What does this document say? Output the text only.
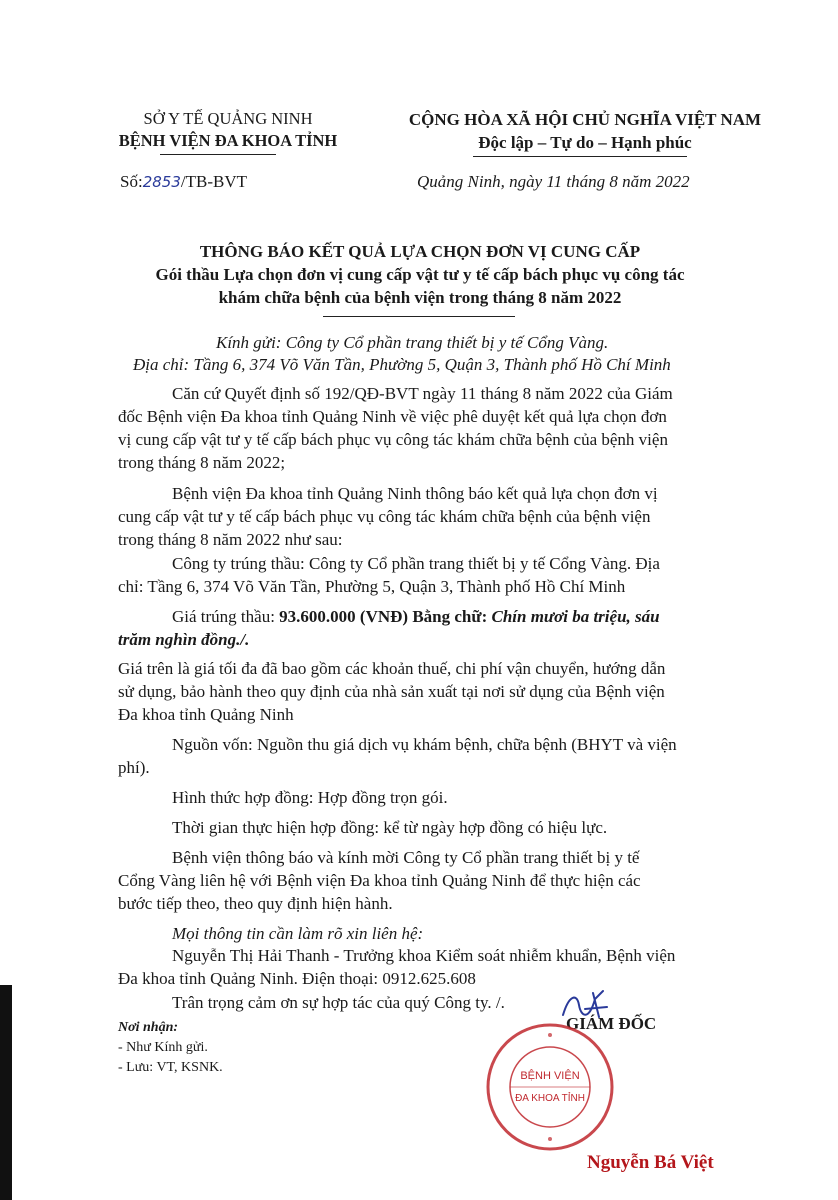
SỞ Y TẾ QUẢNG NINH
BỆNH VIỆN ĐA KHOA TỈNH
CỘNG HÒA XÃ HỘI CHỦ NGHĨA VIỆT NAM
Độc lập – Tự do – Hạnh phúc
Số:2853/TB-BVT	Quảng Ninh, ngày 11 tháng 8 năm 2022
THÔNG BÁO KẾT QUẢ LỰA CHỌN ĐƠN VỊ CUNG CẤP
Gói thầu Lựa chọn đơn vị cung cấp vật tư y tế cấp bách phục vụ công tác
khám chữa bệnh của bệnh viện trong tháng 8 năm 2022
Kính gửi: Công ty Cổ phần trang thiết bị y tế Cổng Vàng.
Địa chỉ: Tầng 6, 374 Võ Văn Tần, Phường 5, Quận 3, Thành phố Hồ Chí Minh
Căn cứ Quyết định số 192/QĐ-BVT ngày 11 tháng 8 năm 2022 của Giám
đốc Bệnh viện Đa khoa tỉnh Quảng Ninh về việc phê duyệt kết quả lựa chọn đơn
vị cung cấp vật tư y tế cấp bách phục vụ công tác khám chữa bệnh của bệnh viện
trong tháng 8 năm 2022;
Bệnh viện Đa khoa tỉnh Quảng Ninh thông báo kết quả lựa chọn đơn vị
cung cấp vật tư y tế cấp bách phục vụ công tác khám chữa bệnh của bệnh viện
trong tháng 8 năm 2022 như sau:
Công ty trúng thầu: Công ty Cổ phần trang thiết bị y tế Cổng Vàng. Địa
chỉ: Tầng 6, 374 Võ Văn Tần, Phường 5, Quận 3, Thành phố Hồ Chí Minh
Giá trúng thầu: 93.600.000 (VNĐ) Bằng chữ: Chín mươi ba triệu, sáu
trăm nghìn đồng./.
Giá trên là giá tối đa đã bao gồm các khoản thuế, chi phí vận chuyển, hướng dẫn
sử dụng, bảo hành theo quy định của nhà sản xuất tại nơi sử dụng của Bệnh viện
Đa khoa tỉnh Quảng Ninh
Nguồn vốn: Nguồn thu giá dịch vụ khám bệnh, chữa bệnh (BHYT và viện
phí).
Hình thức hợp đồng: Hợp đồng trọn gói.
Thời gian thực hiện hợp đồng: kể từ ngày hợp đồng có hiệu lực.
Bệnh viện thông báo và kính mời Công ty Cổ phần trang thiết bị y tế
Cổng Vàng liên hệ với Bệnh viện Đa khoa tỉnh Quảng Ninh để thực hiện các
bước tiếp theo, theo quy định hiện hành.
Mọi thông tin cần làm rõ xin liên hệ:
Nguyễn Thị Hải Thanh - Trưởng khoa Kiểm soát nhiễm khuẩn, Bệnh viện
Đa khoa tỉnh Quảng Ninh. Điện thoại: 0912.625.608
Trân trọng cảm ơn sự hợp tác của quý Công ty. /.
Nơi nhận:
- Như Kính gửi.
- Lưu: VT, KSNK.
GIÁM ĐỐC
BỆNH VIỆN
ĐA KHOA TỈNH
Nguyễn Bá Việt
